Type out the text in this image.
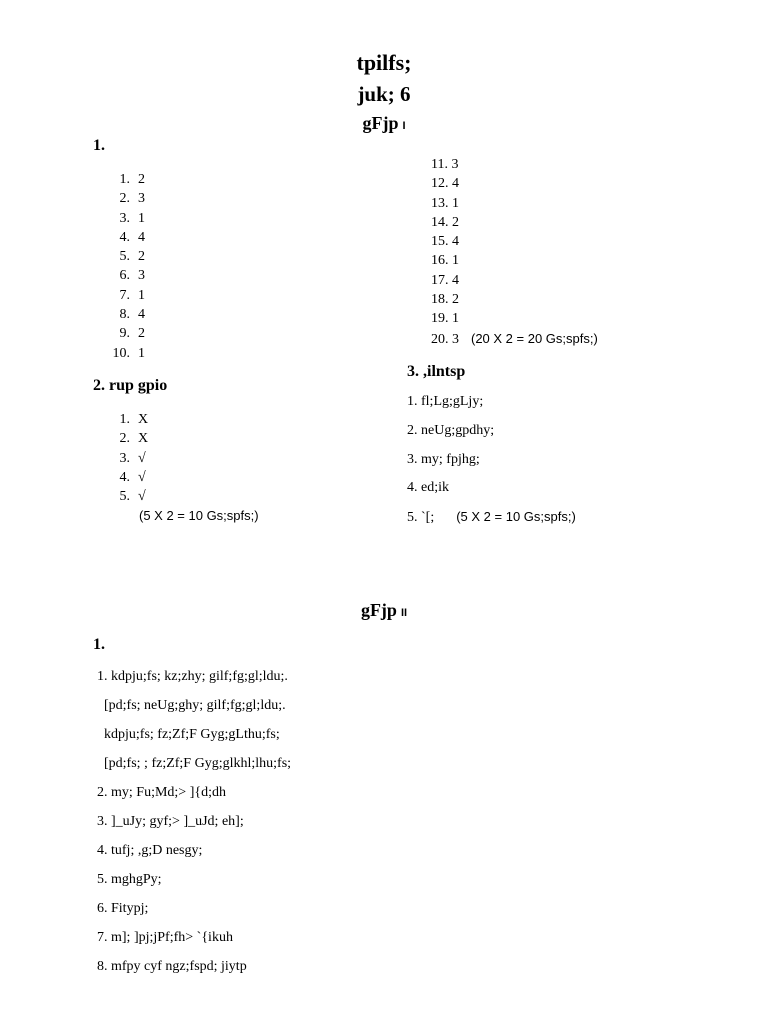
tpilfs;
juk; 6
gFjp I
1.
1. 2
2. 3
3. 1
4. 4
5. 2
6. 3
7. 1
8. 4
9. 2
10. 1
11. 3
12. 4
13. 1
14. 2
15. 4
16. 1
17. 4
18. 2
19. 1
20. 3 (20 X 2 = 20 Gs;spfs;)
2. rup gpio
1. X
2. X
3. √
4. √
5. √
(5 X 2 = 10 Gs;spfs;)
3. ,ilntsp
1. fl;Lg;gLjy;
2. neUg;gpdhy;
3. my; fpjhg;
4. ed;ik
5. `[; (5 X 2 = 10 Gs;spfs;)
gFjp II
1.
1. kdpju;fs; kz;zhy; gilf;fg;gl;ldu;.
[pd;fs; neUg;ghy; gilf;fg;gl;ldu;.
kdpju;fs; fz;Zf;F Gyg;gLthu;fs;
[pd;fs; ; fz;Zf;F Gyg;glkhl;lhu;fs;
2. my; Fu;Md;> ]{d;dh
3. ]_uJy; gyf;> ]_uJd; eh];
4. tufj; ,g;D nesgy;
5. mghgPy;
6. Fitypj;
7. m]; ]pj;jPf;fh> `{ikuh
8. mfpy cyf ngz;fspd; jiytp
